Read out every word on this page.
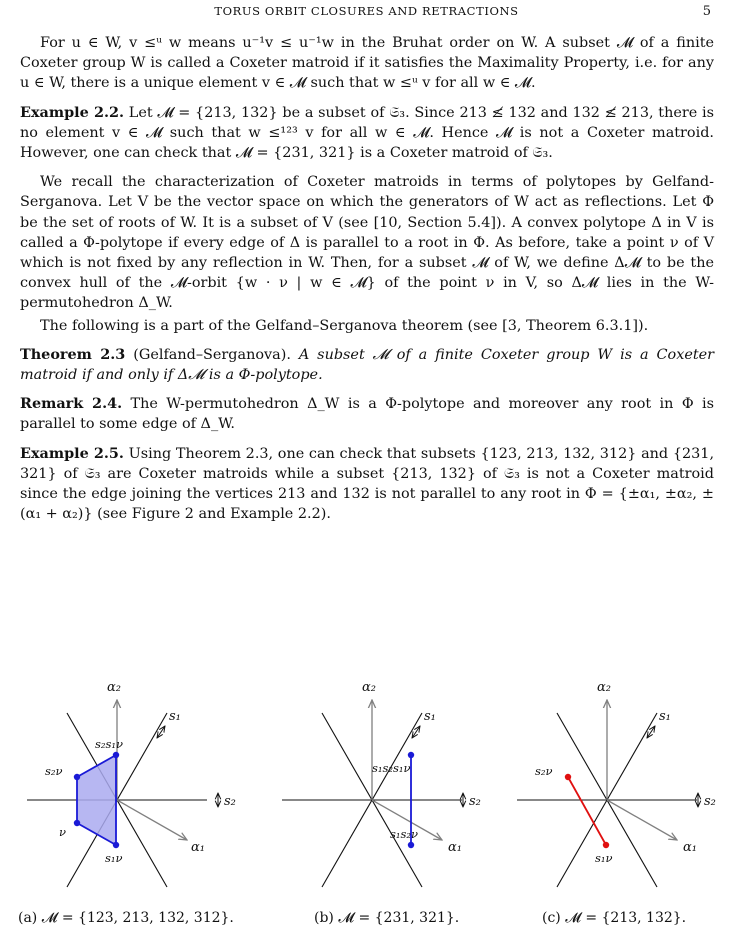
TORUS ORBIT CLOSURES AND RETRACTIONS	5

For u ∈ W, v ≤ᵘ w means u⁻¹v ≤ u⁻¹w in the Bruhat order on W. A subset 𝓜 of a finite Coxeter group W is called a Coxeter matroid if it satisfies the Maximality Property, i.e. for any u ∈ W, there is a unique element v ∈ 𝓜 such that w ≤ᵘ v for all w ∈ 𝓜.

Example 2.2. Let 𝓜 = {213, 132} be a subset of 𝔖₃. Since 213 ≰ 132 and 132 ≰ 213, there is no element v ∈ 𝓜 such that w ≤¹²³ v for all w ∈ 𝓜. Hence 𝓜 is not a Coxeter matroid. However, one can check that 𝓜 = {231, 321} is a Coxeter matroid of 𝔖₃.

We recall the characterization of Coxeter matroids in terms of polytopes by Gelfand-Serganova. Let V be the vector space on which the generators of W act as reflections. Let Φ be the set of roots of W. It is a subset of V (see [10, Section 5.4]). A convex polytope Δ in V is called a Φ-polytope if every edge of Δ is parallel to a root in Φ. As before, take a point ν of V which is not fixed by any reflection in W. Then, for a subset 𝓜 of W, we define Δ𝓜 to be the convex hull of the 𝓜-orbit {w · ν | w ∈ 𝓜} of the point ν in V, so Δ𝓜 lies in the W-permutohedron Δ_W.

The following is a part of the Gelfand–Serganova theorem (see [3, Theorem 6.3.1]).

Theorem 2.3 (Gelfand–Serganova). A subset 𝓜 of a finite Coxeter group W is a Coxeter matroid if and only if Δ𝓜 is a Φ-polytope.

Remark 2.4. The W-permutohedron Δ_W is a Φ-polytope and moreover any root in Φ is parallel to some edge of Δ_W.

Example 2.5. Using Theorem 2.3, one can check that subsets {123, 213, 132, 312} and {231, 321} of 𝔖₃ are Coxeter matroids while a subset {213, 132} of 𝔖₃ is not a Coxeter matroid since the edge joining the vertices 213 and 132 is not parallel to any root in Φ = {±α₁, ±α₂, ±(α₁ + α₂)} (see Figure 2 and Example 2.2).

α₂
α₁
s₁
s₂
s₂s₁ν
s₂ν
ν
s₁ν
α₂
α₁
s₁
s₂
s₁s₂s₁ν
s₁s₂ν
α₂
α₁
s₁
s₂
s₂ν
s₁ν
(a) 𝓜 = {123, 213, 132, 312}.	(b) 𝓜 = {231, 321}.	(c) 𝓜 = {213, 132}.
